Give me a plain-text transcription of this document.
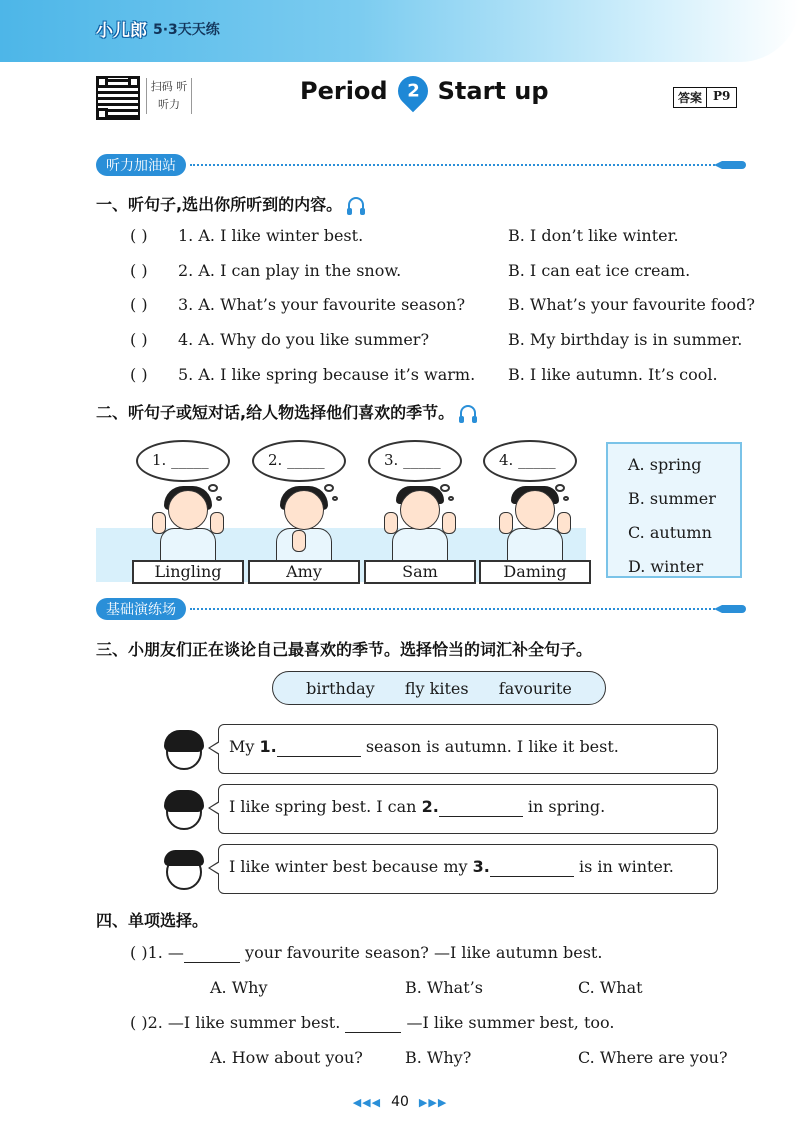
小儿郎 5·3天天练
扫码 听听力	Period 2 Start up	答案 P9
听力加油站
一、听句子,选出你所听到的内容。
( ) 1. A. I like winter best.	B. I don’t like winter.
( ) 2. A. I can play in the snow.	B. I can eat ice cream.
( ) 3. A. What’s your favourite season?	B. What’s your favourite food?
( ) 4. A. Why do you like summer?	B. My birthday is in summer.
( ) 5. A. I like spring because it’s warm. B. I like autumn. It’s cool.
二、听句子或短对话,给人物选择他们喜欢的季节。
1. _____
Lingling
2. _____
Amy
3. _____
Sam
4. _____
Daming
A. spring
B. summer
C. autumn
D. winter
基础演练场
三、小朋友们正在谈论自己最喜欢的季节。选择恰当的词汇补全句子。
birthday fly kites favourite
My 1.	season is autumn. I like it best.
I like spring best. I can 2.	in spring.
I like winter best because my 3.	is in winter.
四、单项选择。
( )1. —	your favourite season? —I like autumn best.
A. Why	B. What’s	C. What
( )2. —I like summer best.	—I like summer best, too.
A. How about you?	B. Why?	C. Where are you?
◀◀◀ 40 ▶▶▶
